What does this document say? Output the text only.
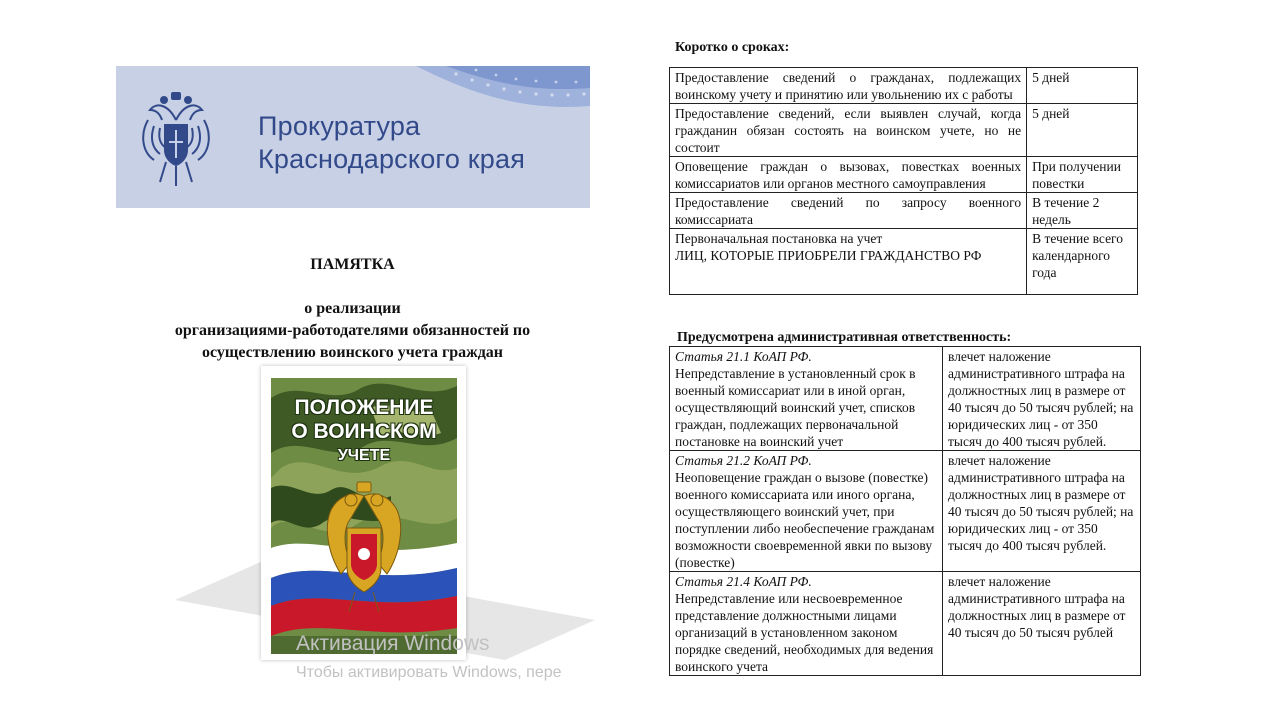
Прокуратура
Краснодарского края
ПАМЯТКА
о реализации
организациями-работодателями обязанностей по
осуществлению воинского учета граждан
ПОЛОЖЕНИЕ
О ВОИНСКОМ
УЧЕТЕ
Активация Windows
Чтобы активировать Windows, пере
Коротко о сроках:
Предоставление сведений о гражданах, подлежащих воинскому учету и принятию или увольнению их с работы	5 дней
Предоставление сведений, если выявлен случай, когда гражданин обязан состоять на воинском учете, но не состоит	5 дней
Оповещение граждан о вызовах, повестках военных комиссариатов или органов местного самоуправления	При получении повестки
Предоставление сведений по запросу военного комиссариата	В течение 2 недель

Первоначальная постановка на учет
ЛИЦ, КОТОРЫЕ ПРИОБРЕЛИ ГРАЖДАНСТВО РФ	В течение всего календарного года
Предусмотрена административная ответственность:
Статья 21.1 КоАП РФ.
Непредставление в установленный срок в военный комиссариат или в иной орган, осуществляющий воинский учет, списков граждан, подлежащих первоначальной постановке на воинский учет	влечет наложение административного штрафа на должностных лиц в размере от 40 тысяч до 50 тысяч рублей; на юридических лиц - от 350 тысяч до 400 тысяч рублей.

Статья 21.2 КоАП РФ.
Неоповещение граждан о вызове (повестке) военного комиссариата или иного органа, осуществляющего воинский учет, при поступлении либо необеспечение гражданам возможности своевременной явки по вызову (повестке)	влечет наложение административного штрафа на должностных лиц в размере от 40 тысяч до 50 тысяч рублей; на юридических лиц - от 350 тысяч до 400 тысяч рублей.

Статья 21.4 КоАП РФ.
Непредставление или несвоевременное представление должностными лицами организаций в установленном законом порядке сведений, необходимых для ведения воинского учета	влечет наложение административного штрафа на должностных лиц в размере от 40 тысяч до 50 тысяч рублей
